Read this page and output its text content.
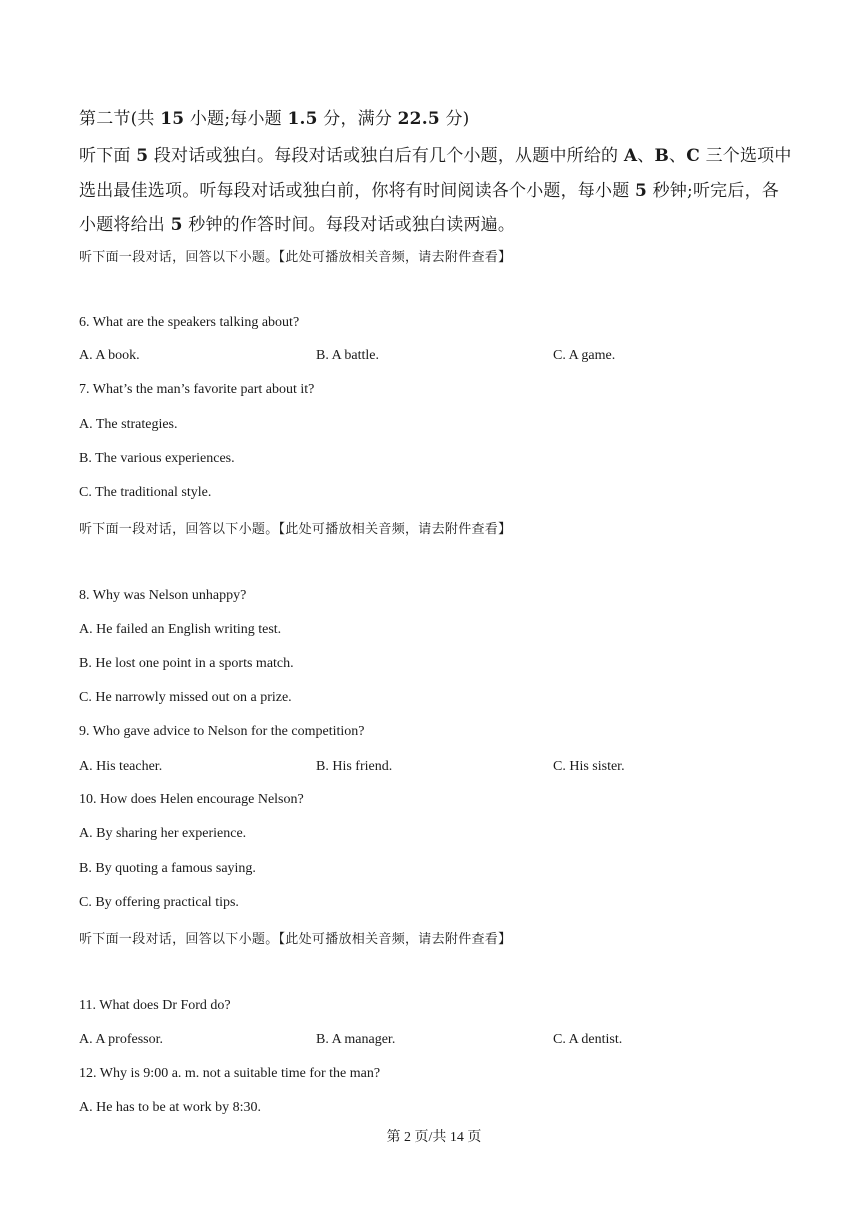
第二节(共 15 小题;每小题 1.5 分，满分 22.5 分)
听下面 5 段对话或独白。每段对话或独白后有几个小题，从题中所给的 A、B、C 三个选项中
选出最佳选项。听每段对话或独白前，你将有时间阅读各个小题，每小题 5 秒钟;听完后，各
小题将给出 5 秒钟的作答时间。每段对话或独白读两遍。
听下面一段对话，回答以下小题。【此处可播放相关音频，请去附件查看】
6. What are the speakers talking about?
A. A book.	B. A battle.	C. A game.
7. What’s the man’s favorite part about it?
A. The strategies.
B. The various experiences.
C. The traditional style.
听下面一段对话，回答以下小题。【此处可播放相关音频，请去附件查看】
8. Why was Nelson unhappy?
A. He failed an English writing test.
B. He lost one point in a sports match.
C. He narrowly missed out on a prize.
9. Who gave advice to Nelson for the competition?
A. His teacher.	B. His friend.	C. His sister.
10. How does Helen encourage Nelson?
A. By sharing her experience.
B. By quoting a famous saying.
C. By offering practical tips.
听下面一段对话，回答以下小题。【此处可播放相关音频，请去附件查看】
11. What does Dr Ford do?
A. A professor.	B. A manager.	C. A dentist.
12. Why is 9:00 a. m. not a suitable time for the man?
A. He has to be at work by 8:30.
第 2 页/共 14 页
